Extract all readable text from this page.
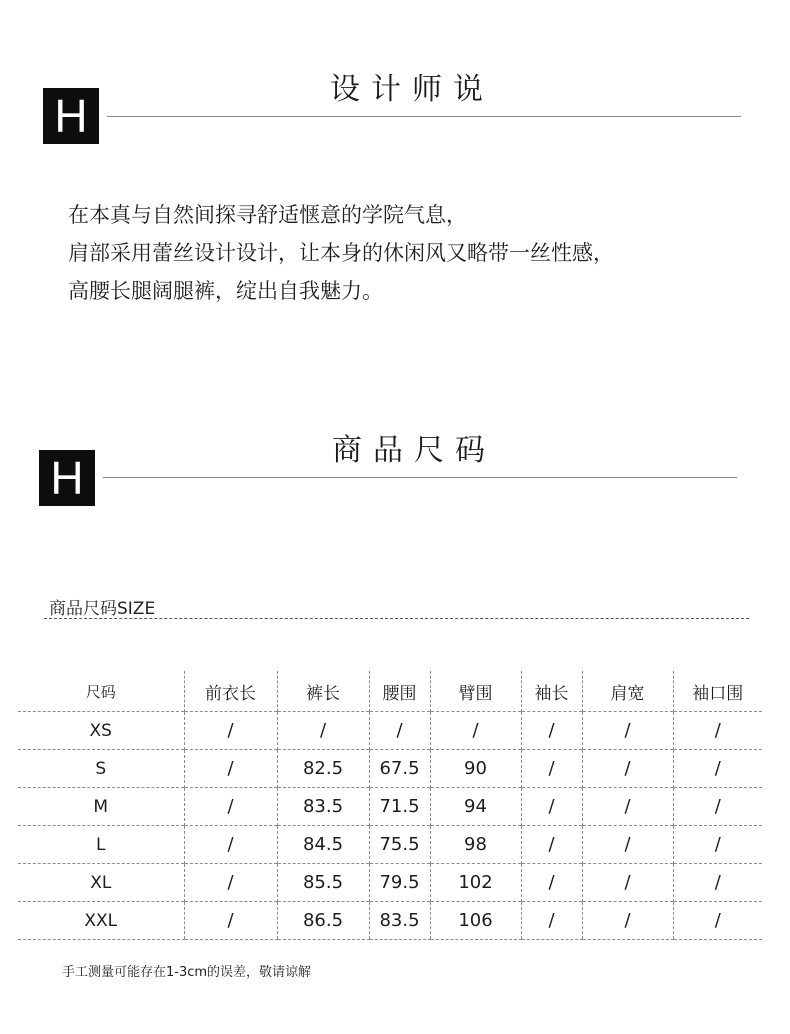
H
设计师说
在本真与自然间探寻舒适惬意的学院气息，
肩部采用蕾丝设计设计，让本身的休闲风又略带一丝性感，
高腰长腿阔腿裤，绽出自我魅力。
H
商品尺码
商品尺码SIZE
尺码	前衣长	裤长	腰围	臂围	袖长	肩宽	袖口围
XS	/	/	/	/	/	/	/
S	/	82.5	67.5	90	/	/	/
M	/	83.5	71.5	94	/	/	/
L	/	84.5	75.5	98	/	/	/
XL	/	85.5	79.5	102	/	/	/
XXL	/	86.5	83.5	106	/	/	/
手工测量可能存在1-3cm的误差，敬请谅解
